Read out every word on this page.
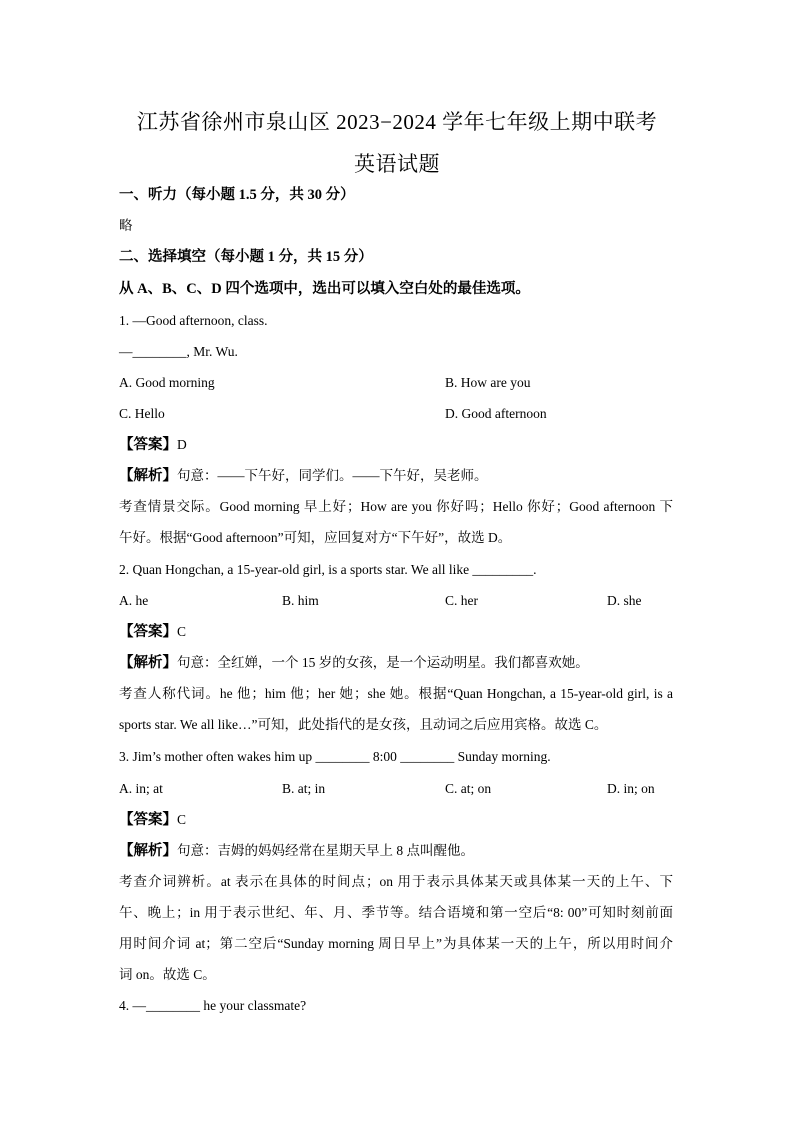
江苏省徐州市泉山区 2023−2024 学年七年级上期中联考
英语试题
一、听力（每小题 1.5 分，共 30 分）
略
二、选择填空（每小题 1 分，共 15 分）
从 A、B、C、D 四个选项中，选出可以填入空白处的最佳选项。
1. —Good afternoon, class.
—________, Mr. Wu.
A. Good morning	B. How are you
C. Hello	D. Good afternoon
【答案】D
【解析】句意：——下午好，同学们。——下午好，吴老师。
考查情景交际。Good morning 早上好；How are you 你好吗；Hello 你好；Good afternoon 下
午好。根据“Good afternoon”可知，应回复对方“下午好”，故选 D。
2. Quan Hongchan, a 15-year-old girl, is a sports star. We all like _________.
A. he	B. him	C. her	D. she
【答案】C
【解析】句意：全红婵，一个 15 岁的女孩，是一个运动明星。我们都喜欢她。
考查人称代词。he 他；him 他；her 她；she 她。根据“Quan Hongchan, a 15-year-old girl, is a
sports star. We all like…”可知，此处指代的是女孩，且动词之后应用宾格。故选 C。
3. Jim’s mother often wakes him up ________ 8:00 ________ Sunday morning.
A. in; at	B. at; in	C. at; on	D. in; on
【答案】C
【解析】句意：吉姆的妈妈经常在星期天早上 8 点叫醒他。
考查介词辨析。at 表示在具体的时间点；on 用于表示具体某天或具体某一天的上午、下
午、晚上；in 用于表示世纪、年、月、季节等。结合语境和第一空后“8: 00”可知时刻前面
用时间介词 at；第二空后“Sunday morning 周日早上”为具体某一天的上午，所以用时间介
词 on。故选 C。
4. —________ he your classmate?
